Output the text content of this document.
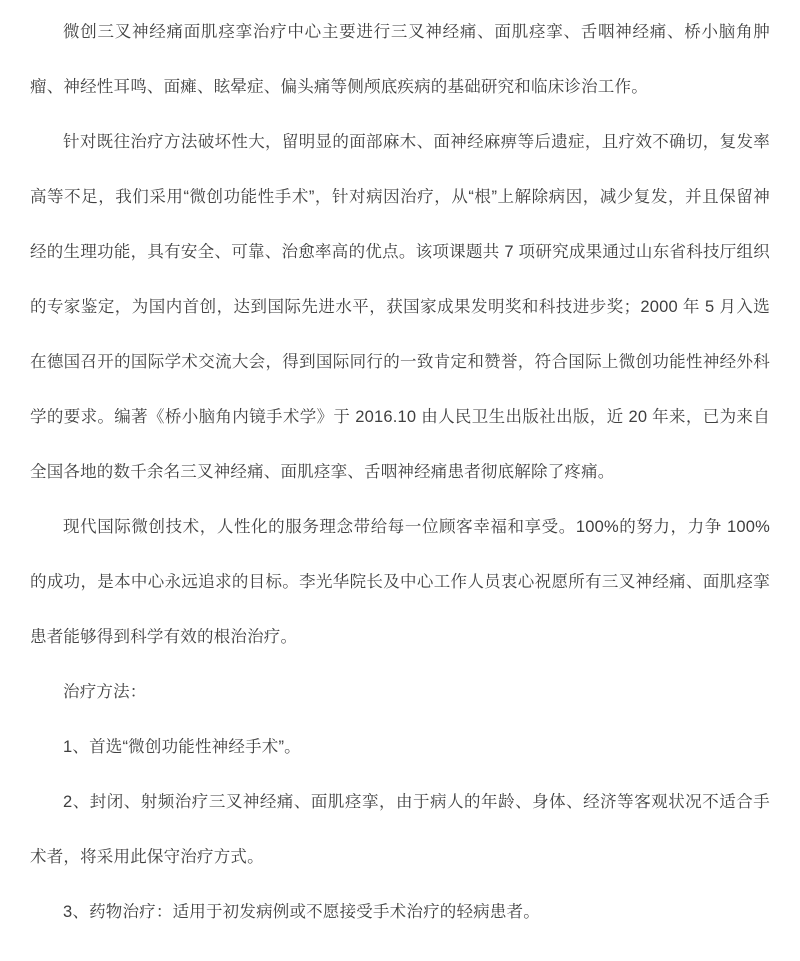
微创三叉神经痛面肌痉挛治疗中心主要进行三叉神经痛、面肌痉挛、舌咽神经痛、桥小脑角肿瘤、神经性耳鸣、面瘫、眩晕症、偏头痛等侧颅底疾病的基础研究和临床诊治工作。

针对既往治疗方法破坏性大，留明显的面部麻木、面神经麻痹等后遗症，且疗效不确切，复发率高等不足，我们采用“微创功能性手术”，针对病因治疗，从“根”上解除病因，减少复发，并且保留神经的生理功能，具有安全、可靠、治愈率高的优点。该项课题共 7 项研究成果通过山东省科技厅组织的专家鉴定，为国内首创，达到国际先进水平，获国家成果发明奖和科技进步奖；2000 年 5 月入选在德国召开的国际学术交流大会，得到国际同行的一致肯定和赞誉，符合国际上微创功能性神经外科学的要求。编著《桥小脑角内镜手术学》于 2016.10 由人民卫生出版社出版，近 20 年来，已为来自全国各地的数千余名三叉神经痛、面肌痉挛、舌咽神经痛患者彻底解除了疼痛。

现代国际微创技术，人性化的服务理念带给每一位顾客幸福和享受。100%的努力，力争 100%的成功，是本中心永远追求的目标。李光华院长及中心工作人员衷心祝愿所有三叉神经痛、面肌痉挛患者能够得到科学有效的根治治疗。

治疗方法：

1、首选“微创功能性神经手术”。

2、封闭、射频治疗三叉神经痛、面肌痉挛，由于病人的年龄、身体、经济等客观状况不适合手术者，将采用此保守治疗方式。

3、药物治疗：适用于初发病例或不愿接受手术治疗的轻病患者。
